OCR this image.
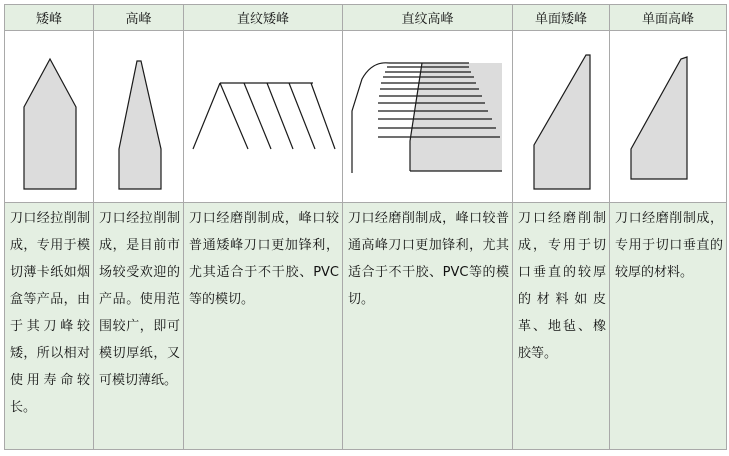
矮峰	高峰	直纹矮峰	直纹高峰	单面矮峰	单面高峰

刀口经拉削制成，专用于模切薄卡纸如烟盒等产品，由于其刀峰较矮，所以相对使用寿命较长。	刀口经拉削制成，是目前市场较受欢迎的产品。使用范围较广，即可模切厚纸，又可模切薄纸。	刀口经磨削制成，峰口较普通矮峰刀口更加锋利，尤其适合于不干胶、PVC等的模切。	刀口经磨削制成，峰口较普通高峰刀口更加锋利，尤其适合于不干胶、PVC等的模切。	刀口经磨削制成，专用于切口垂直的较厚的材料如皮革、地毡、橡胶等。	刀口经磨削制成，专用于切口垂直的较厚的材料。
